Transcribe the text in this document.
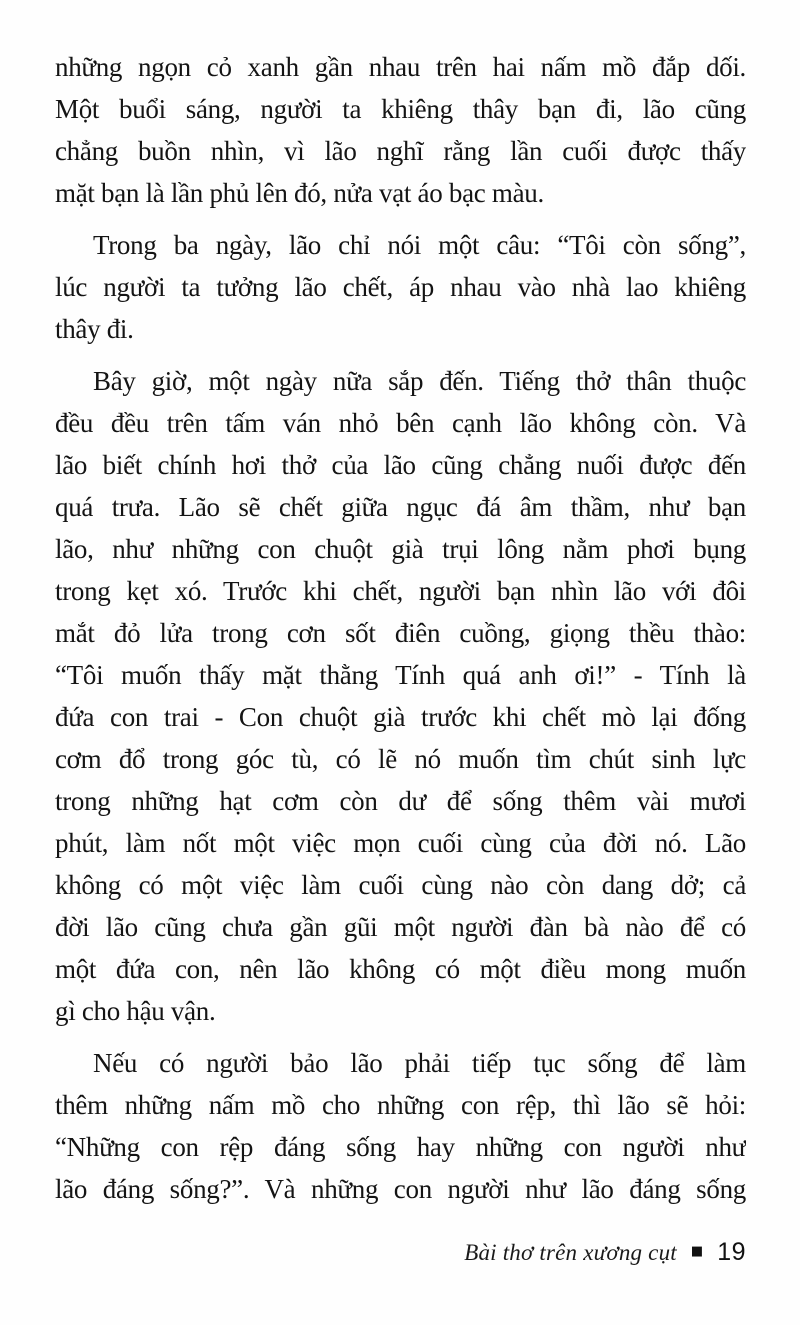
những ngọn cỏ xanh gần nhau trên hai nấm mồ đắp dối.
Một buổi sáng, người ta khiêng thây bạn đi, lão cũng
chẳng buồn nhìn, vì lão nghĩ rằng lần cuối được thấy
mặt bạn là lần phủ lên đó, nửa vạt áo bạc màu.
Trong ba ngày, lão chỉ nói một câu: “Tôi còn sống”,
lúc người ta tưởng lão chết, áp nhau vào nhà lao khiêng
thây đi.
Bây giờ, một ngày nữa sắp đến. Tiếng thở thân thuộc
đều đều trên tấm ván nhỏ bên cạnh lão không còn. Và
lão biết chính hơi thở của lão cũng chẳng nuối được đến
quá trưa. Lão sẽ chết giữa ngục đá âm thầm, như bạn
lão, như những con chuột già trụi lông nằm phơi bụng
trong kẹt xó. Trước khi chết, người bạn nhìn lão với đôi
mắt đỏ lửa trong cơn sốt điên cuồng, giọng thều thào:
“Tôi muốn thấy mặt thằng Tính quá anh ơi!” - Tính là
đứa con trai - Con chuột già trước khi chết mò lại đống
cơm đổ trong góc tù, có lẽ nó muốn tìm chút sinh lực
trong những hạt cơm còn dư để sống thêm vài mươi
phút, làm nốt một việc mọn cuối cùng của đời nó. Lão
không có một việc làm cuối cùng nào còn dang dở; cả
đời lão cũng chưa gần gũi một người đàn bà nào để có
một đứa con, nên lão không có một điều mong muốn
gì cho hậu vận.
Nếu có người bảo lão phải tiếp tục sống để làm
thêm những nấm mồ cho những con rệp, thì lão sẽ hỏi:
“Những con rệp đáng sống hay những con người như
lão đáng sống?”. Và những con người như lão đáng sống
Bài thơ trên xương cụt ■ 19
